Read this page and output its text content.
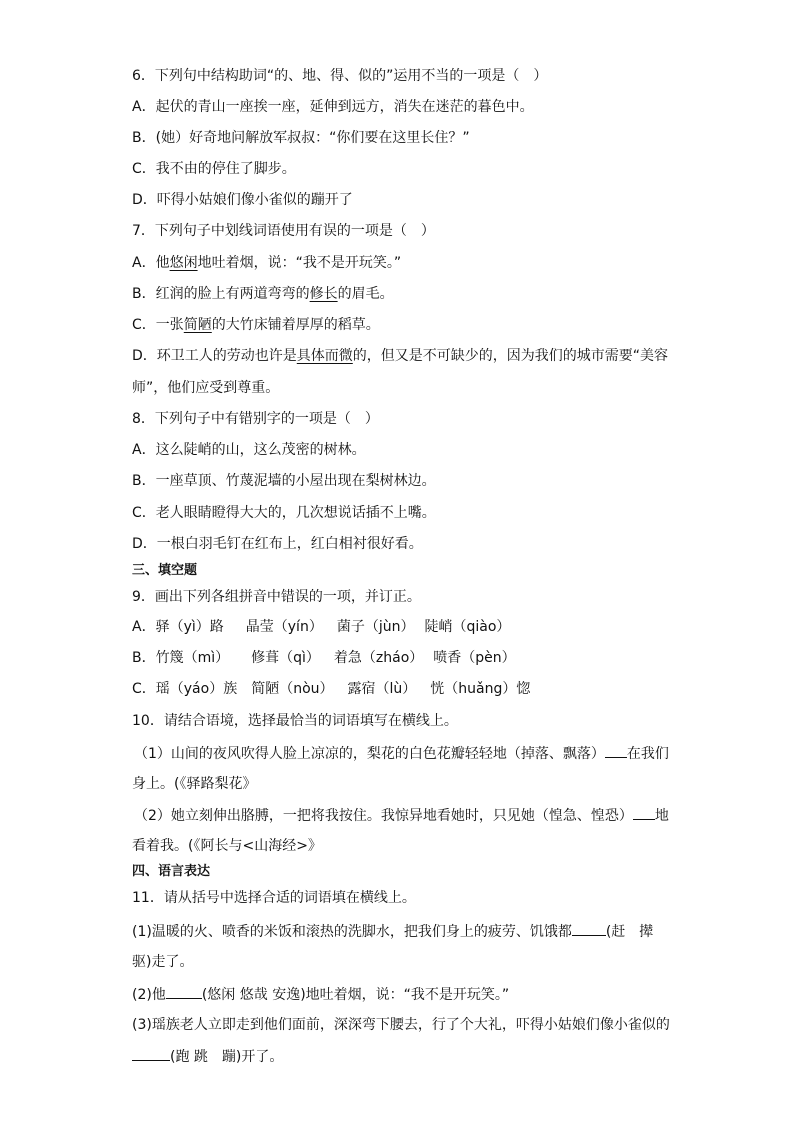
6．下列句中结构助词“的、地、得、似的”运用不当的一项是（　）
A．起伏的青山一座挨一座，延伸到远方，消失在迷茫的暮色中。
B．(她）好奇地问解放军叔叔：“你们要在这里长住？”
C．我不由的停住了脚步。
D．吓得小姑娘们像小雀似的蹦开了
7．下列句子中划线词语使用有误的一项是（　）
A．他悠闲地吐着烟，说：“我不是开玩笑。”
B．红润的脸上有两道弯弯的修长的眉毛。
C．一张简陋的大竹床铺着厚厚的稻草。
D．环卫工人的劳动也许是具体而微的，但又是不可缺少的，因为我们的城市需要“美容
师”，他们应受到尊重。
8．下列句子中有错别字的一项是（　）
A．这么陡峭的山，这么茂密的树林。
B．一座草顶、竹蔑泥墙的小屋出现在梨树林边。
C．老人眼睛瞪得大大的，几次想说话插不上嘴。
D．一根白羽毛钉在红布上，红白相衬很好看。
三、填空题
9．画出下列各组拼音中错误的一项，并订正。
A．驿（yì）路 晶莹（yín） 菌子（jùn） 陡峭（qiào）
B．竹篾（mì） 修葺（qì） 着急（zháo） 喷香（pèn）
C．瑶（yáo）族 简陋（nòu） 露宿（lù） 恍（huǎng）惚
10．请结合语境，选择最恰当的词语填写在横线上。
（1）山间的夜风吹得人脸上凉凉的，梨花的白色花瓣轻轻地（掉落、飘落） 在我们
身上。(《驿路梨花》
（2）她立刻伸出胳膊，一把将我按住。我惊异地看她时，只见她（惶急、惶恐） 地
看着我。(《阿长与<山海经>》
四、语言表达
11．请从括号中选择合适的词语填在横线上。
(1)温暖的火、喷香的米饭和滚热的洗脚水，把我们身上的疲劳、饥饿都 (赶　撵
驱)走了。
(2)他	(悠闲 悠哉 安逸)地吐着烟，说：“我不是开玩笑。”
(3)瑶族老人立即走到他们面前，深深弯下腰去，行了个大礼，吓得小姑娘们像小雀似的
(跑 跳　蹦)开了。
